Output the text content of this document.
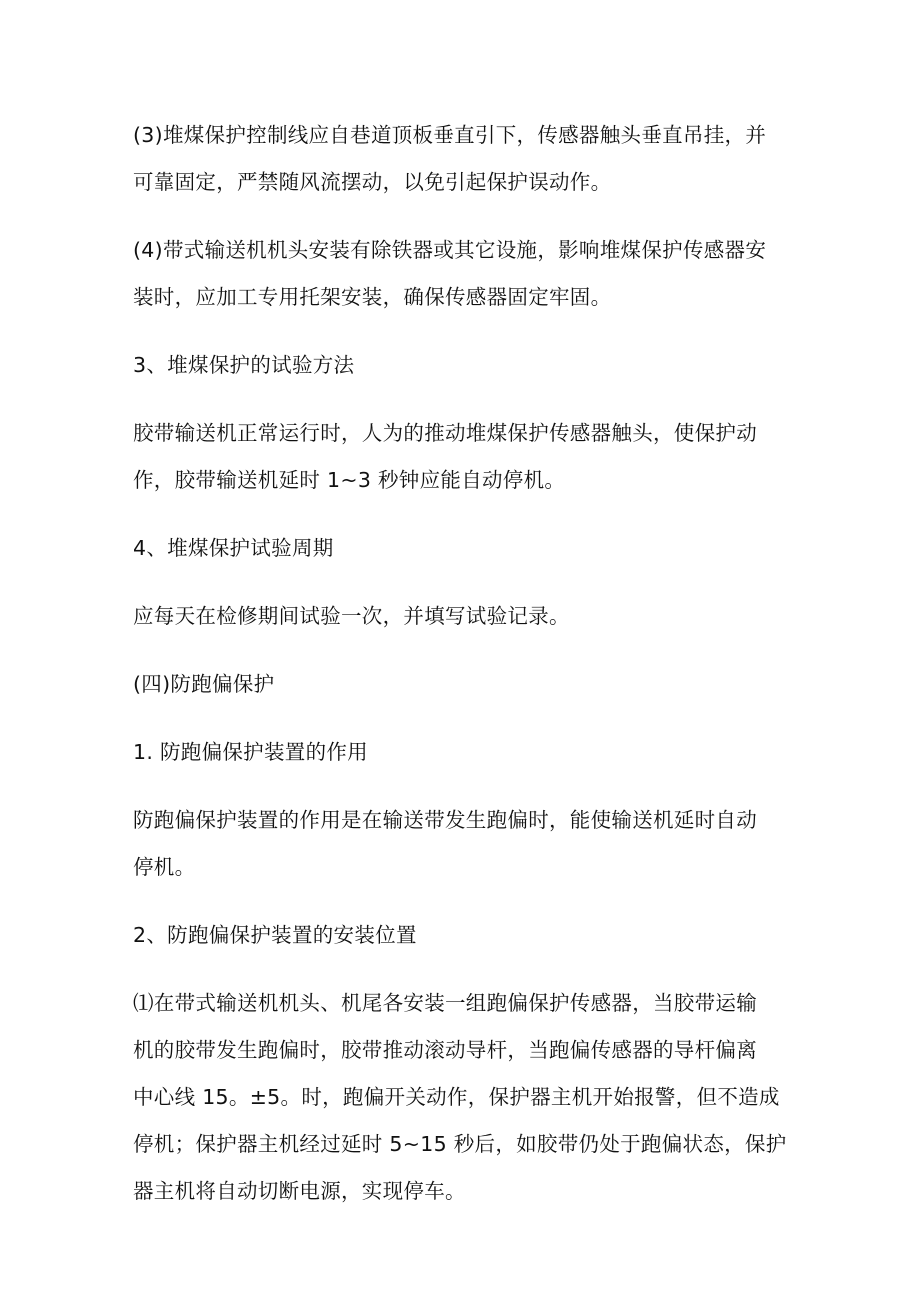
(3)堆煤保护控制线应自巷道顶板垂直引下，传感器触头垂直吊挂，并
可靠固定，严禁随风流摆动，以免引起保护误动作。
(4)带式输送机机头安装有除铁器或其它设施，影响堆煤保护传感器安
装时，应加工专用托架安装，确保传感器固定牢固。
3、堆煤保护的试验方法
胶带输送机正常运行时，人为的推动堆煤保护传感器触头，使保护动
作，胶带输送机延时 1~3 秒钟应能自动停机。
4、堆煤保护试验周期
应每天在检修期间试验一次，并填写试验记录。
(四)防跑偏保护
1. 防跑偏保护装置的作用
防跑偏保护装置的作用是在输送带发生跑偏时，能使输送机延时自动
停机。
2、防跑偏保护装置的安装位置
⑴在带式输送机机头、机尾各安装一组跑偏保护传感器，当胶带运输
机的胶带发生跑偏时，胶带推动滚动导杆，当跑偏传感器的导杆偏离
中心线 15。±5。时，跑偏开关动作，保护器主机开始报警，但不造成
停机；保护器主机经过延时 5~15 秒后，如胶带仍处于跑偏状态，保护
器主机将自动切断电源，实现停车。
